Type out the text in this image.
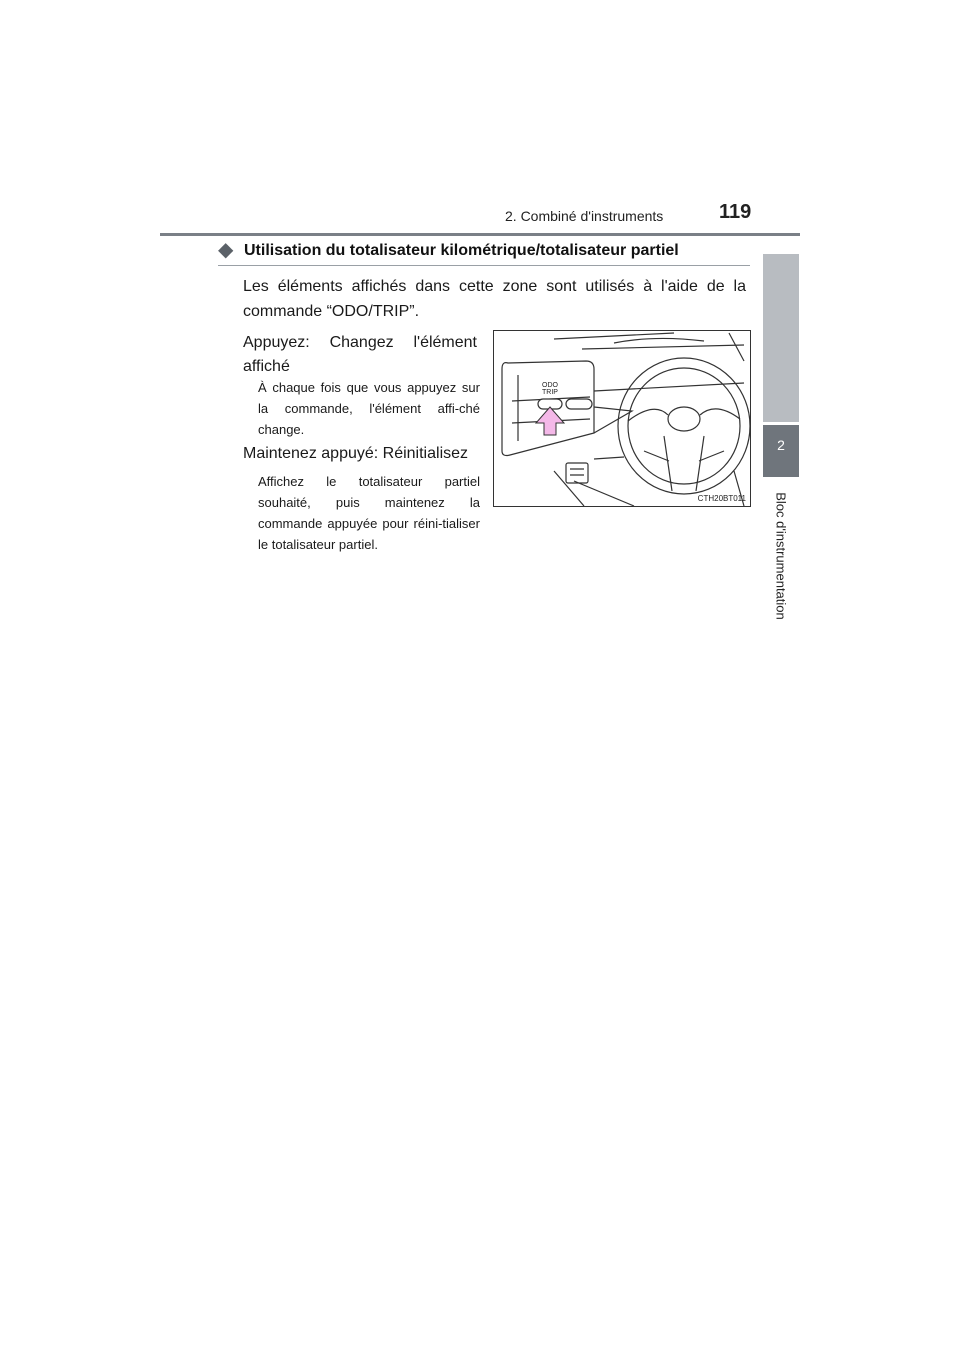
2. Combiné d'instruments	119
2
Bloc d'instrumentation
◆ Utilisation du totalisateur kilométrique/totalisateur partiel
Les éléments affichés dans cette zone sont utilisés à l'aide de la commande “ODO/TRIP”.
Appuyez: Changez l'élément affiché
À chaque fois que vous appuyez sur la commande, l'élément affi-ché change.
Maintenez appuyé: Réinitialisez
Affichez le totalisateur partiel souhaité, puis maintenez la commande appuyée pour réini-tialiser le totalisateur partiel.
ODO
TRIP
CTH20BT011
